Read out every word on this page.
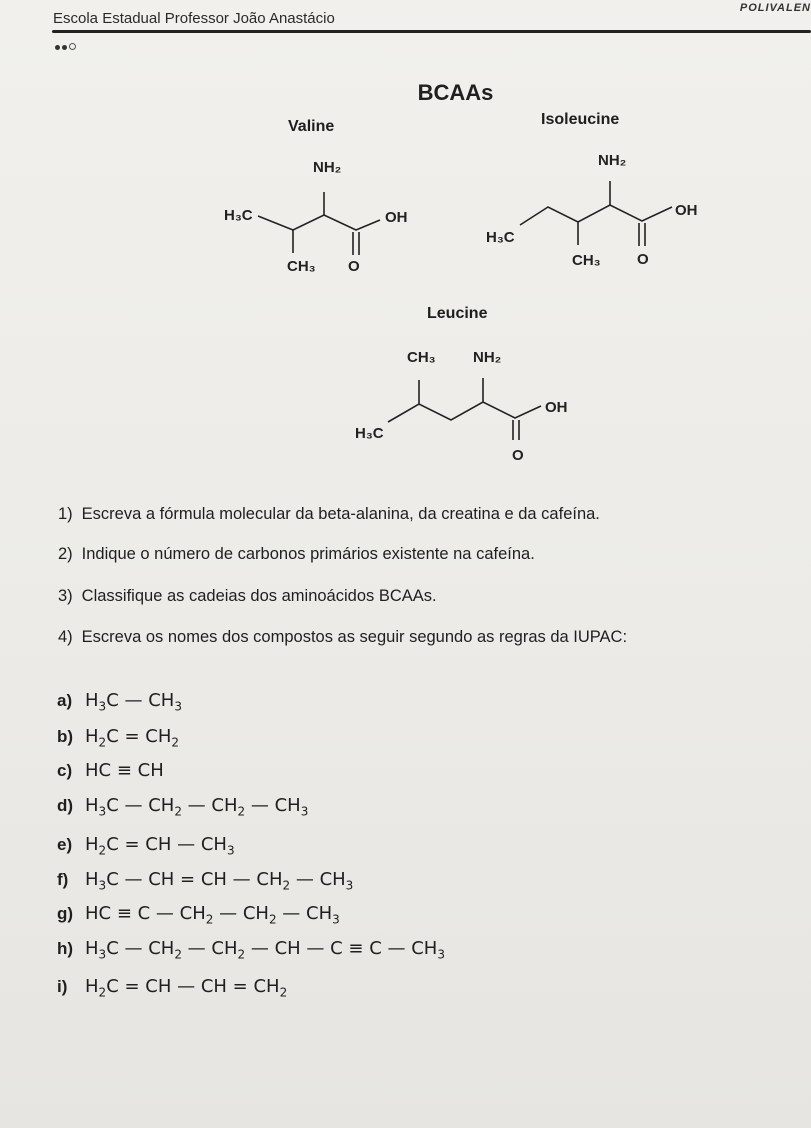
Escola Estadual Professor João Anastácio
POLIVALEN
BCAAs
Valine
NH₂
H₃C	OH
CH₃ O
Isoleucine
NH₂
OH
H₃C
CH₃ O
Leucine
CH₃ NH₂
OH
H₃C
O
1) Escreva a fórmula molecular da beta-alanina, da creatina e da cafeína.
2) Indique o número de carbonos primários existente na cafeína.
3) Classifique as cadeias dos aminoácidos BCAAs.
4) Escreva os nomes dos compostos as seguir segundo as regras da IUPAC:
a) $H_3C$ — $CH_3$
b) $H_2C = CH_2$
c) HC ≡ CH
d) $H_3C$ — $CH_2$ — $CH_2$ — $CH_3$
e) $H_2C$ = CH — $CH_3$
f) $H_3C$ — CH = CH — $CH_2$ — $CH_3$
g) HC ≡ C — $CH_2$ — $CH_2$ — $CH_3$
h) $H_3C$ — $CH_2$ — $CH_2$ — CH — C ≡ C — $CH_3$
i) $H_2C$ = CH — CH = $CH_2$
